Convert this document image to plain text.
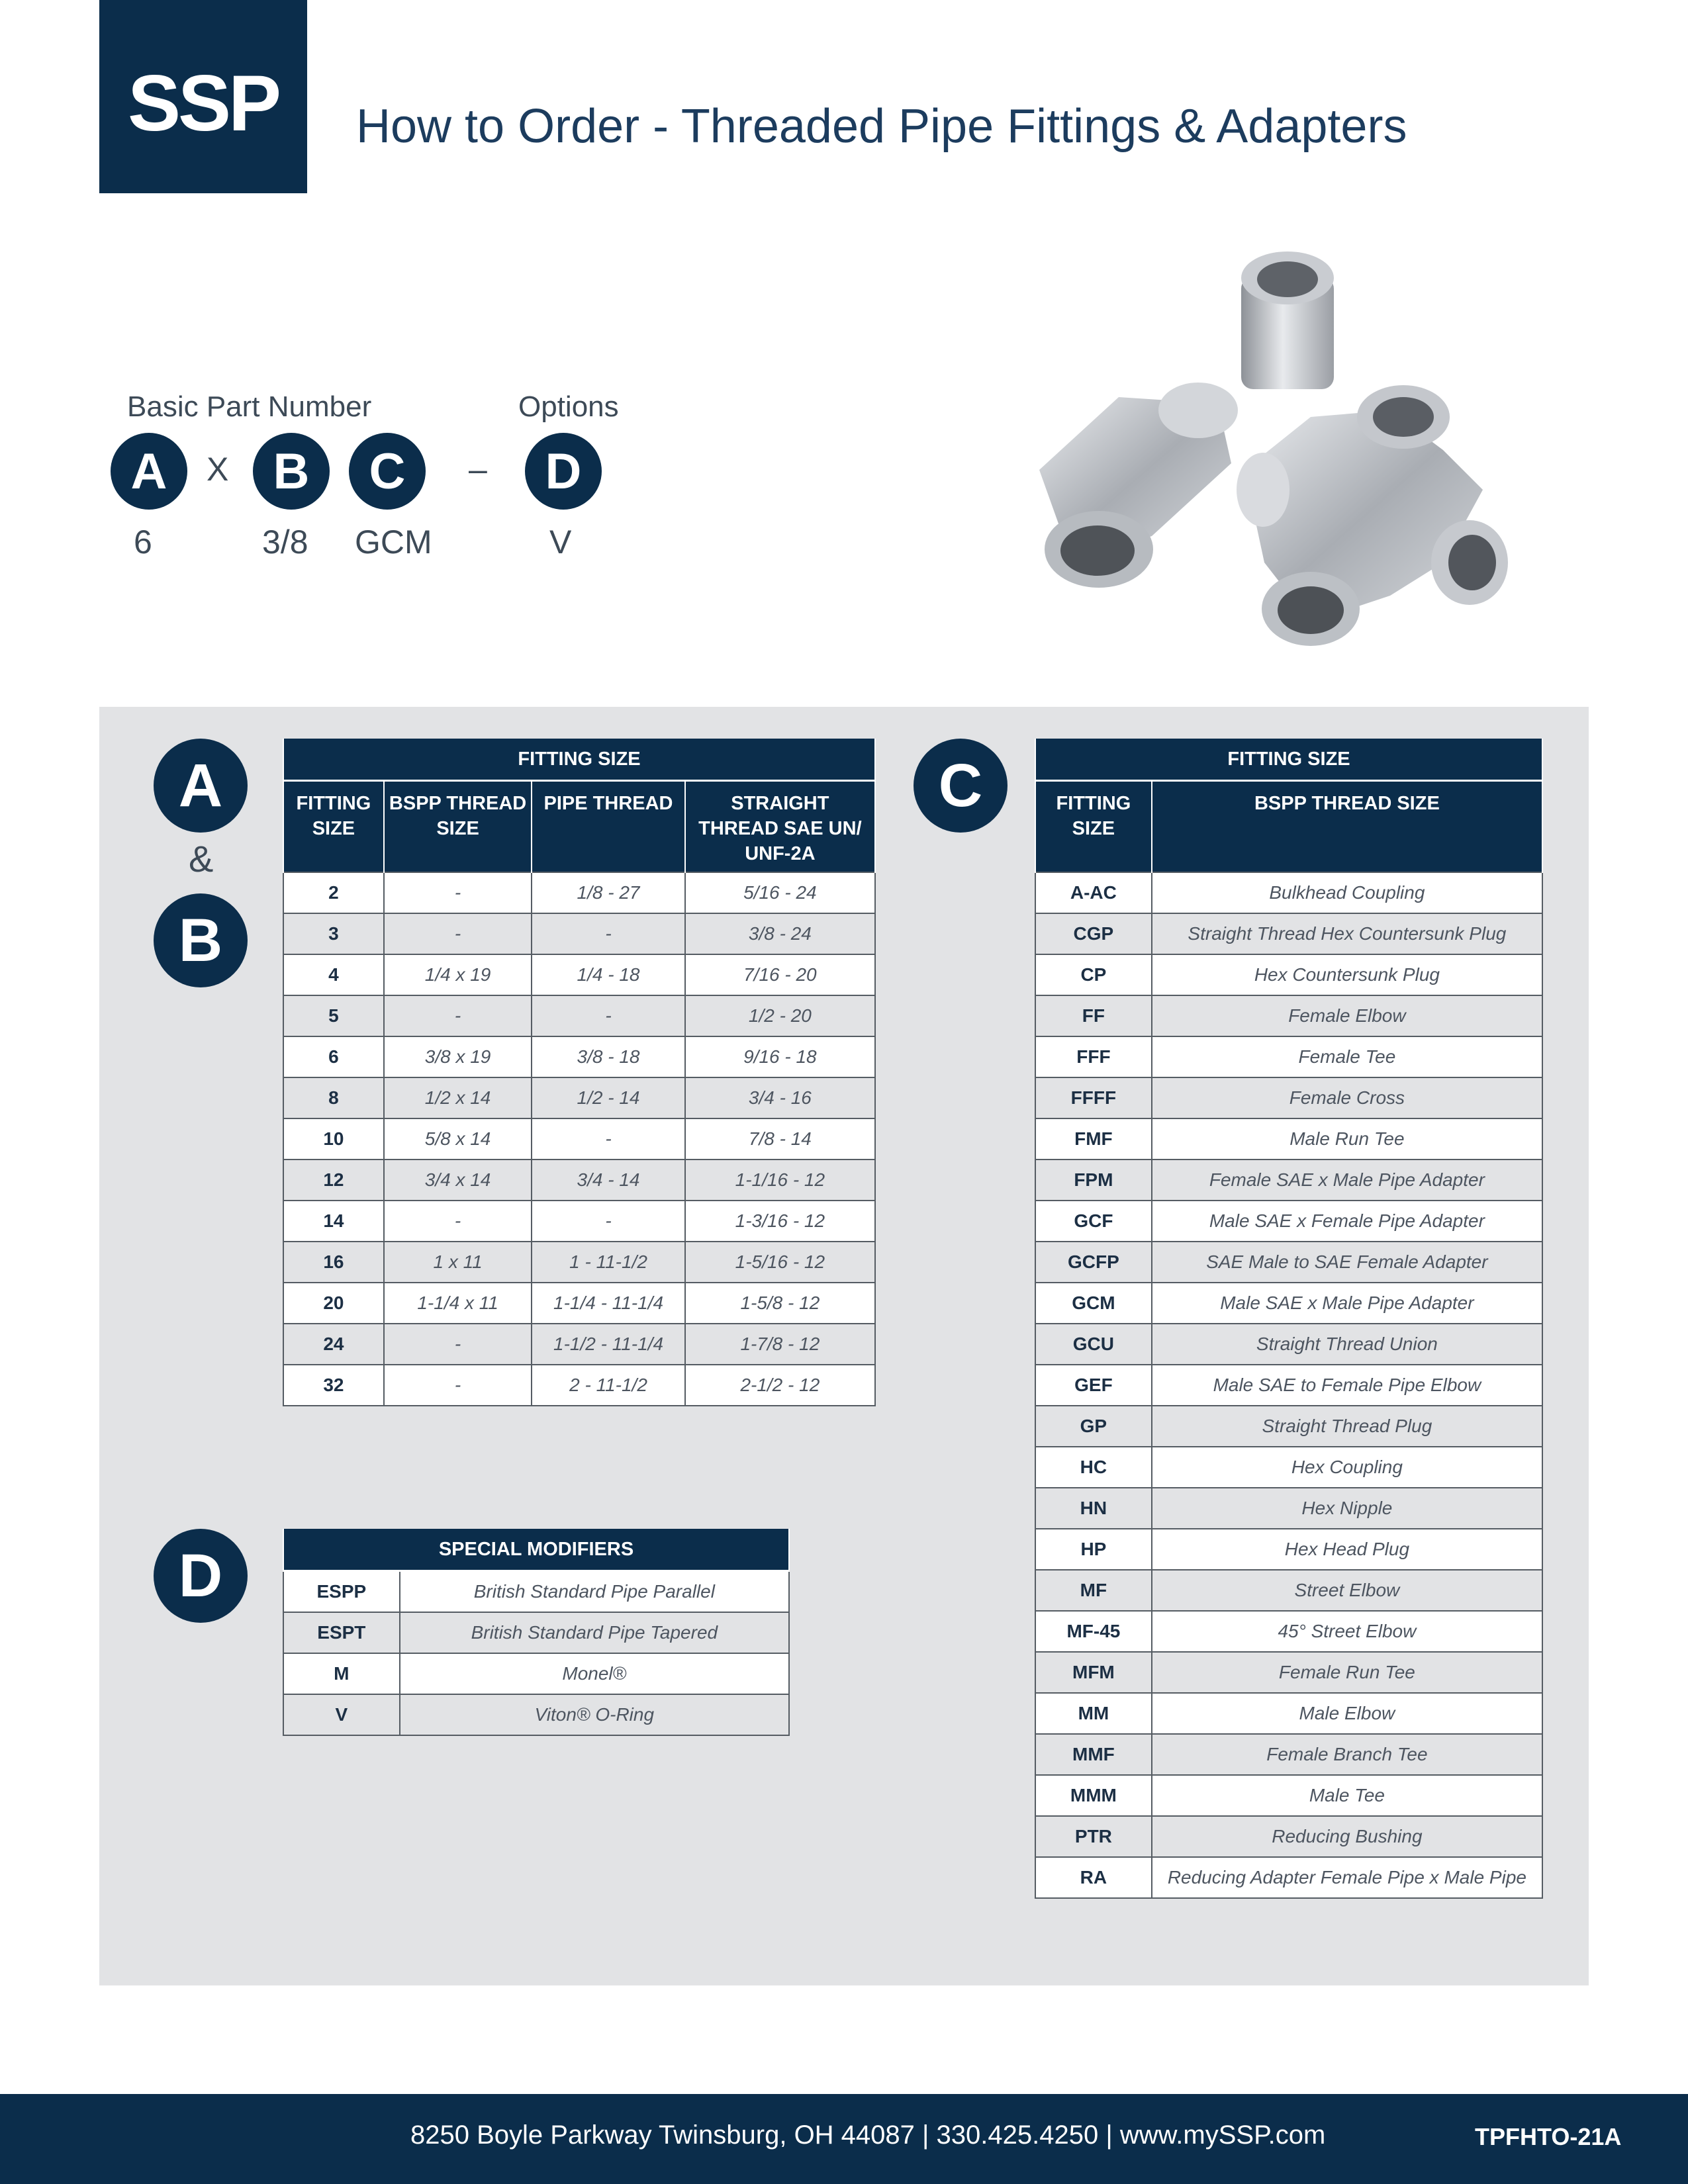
SSP How to Order - Threaded Pipe Fittings & Adapters
Basic Part Number	Options
A	X B	C	–	D
6	3/8 GCM	V
A
&
B
C
D
FITTING SIZE			
FITTING SIZE	BSPP THREAD SIZE	PIPE THREAD	STRAIGHT THREAD SAE UN/ UNF-2A
2	-	1/8 - 27	5/16 - 24
3	-	-	3/8 - 24
4	1/4 x 19	1/4 - 18	7/16 - 20
5	-	-	1/2 - 20
6	3/8 x 19	3/8 - 18	9/16 - 18
8	1/2 x 14	1/2 - 14	3/4 - 16
10	5/8 x 14	-	7/8 - 14
12	3/4 x 14	3/4 - 14	1-1/16 - 12
14	-	-	1-3/16 - 12
16	1 x 11	1 - 11-1/2	1-5/16 - 12
20	1-1/4 x 11	1-1/4 - 11-1/4	1-5/8 - 12
24	-	1-1/2 - 11-1/4	1-7/8 - 12
32	-	2 - 11-1/2	2-1/2 - 12
FITTING SIZE	
FITTING SIZE	BSPP THREAD SIZE
A-AC	Bulkhead Coupling
CGP	Straight Thread Hex Countersunk Plug
CP	Hex Countersunk Plug
FF	Female Elbow
FFF	Female Tee
FFFF	Female Cross
FMF	Male Run Tee
FPM	Female SAE x Male Pipe Adapter
GCF	Male SAE x Female Pipe Adapter
GCFP	SAE Male to SAE Female Adapter
GCM	Male SAE x Male Pipe Adapter
GCU	Straight Thread Union
GEF	Male SAE to Female Pipe Elbow
GP	Straight Thread Plug
HC	Hex Coupling
HN	Hex Nipple
HP	Hex Head Plug
MF	Street Elbow
MF-45	45° Street Elbow
MFM	Female Run Tee
MM	Male Elbow
MMF	Female Branch Tee
MMM	Male Tee
PTR	Reducing Bushing
RA	Reducing Adapter Female Pipe x Male Pipe
SPECIAL MODIFIERS	
ESPP	British Standard Pipe Parallel
ESPT	British Standard Pipe Tapered
M	Monel®
V	Viton® O-Ring
8250 Boyle Parkway Twinsburg, OH 44087 | 330.425.4250 | www.mySSP.com	TPFHTO-21A
